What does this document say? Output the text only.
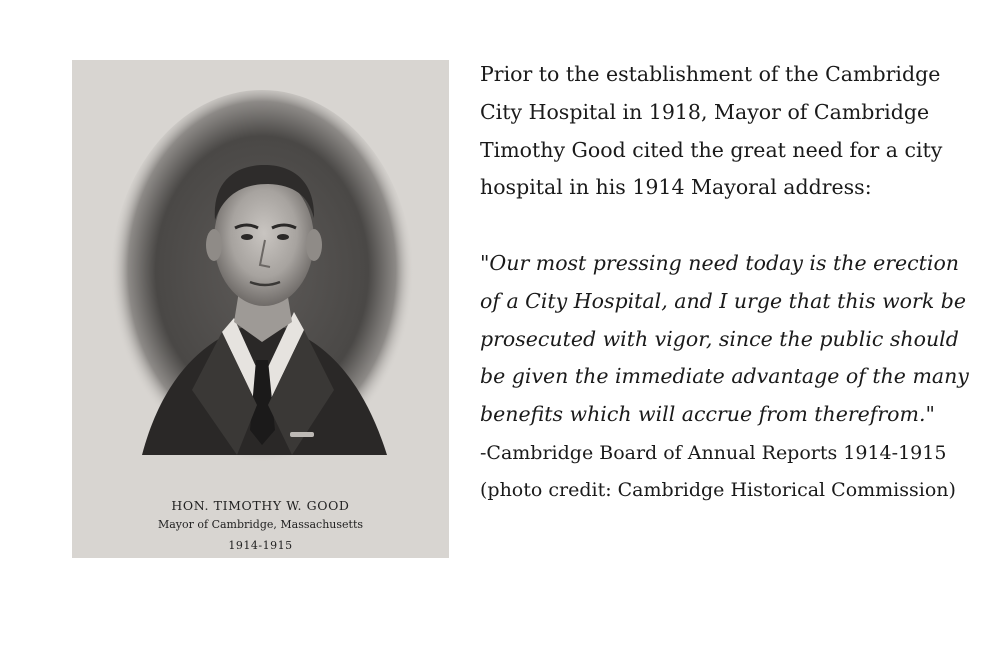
HON. TIMOTHY W. GOOD
Mayor of Cambridge, Massachusetts
1914-1915

Prior to the establishment of the Cambridge City Hospital in 1918, Mayor of Cambridge Timothy Good cited the great need for a city hospital in his 1914 Mayoral address:

"Our most pressing need today is the erection of a City Hospital, and I urge that this work be prosecuted with vigor, since the public should be given the immediate advantage of the many benefits which will accrue from therefrom."

-Cambridge Board of Annual Reports 1914-1915

(photo credit: Cambridge Historical Commission)
